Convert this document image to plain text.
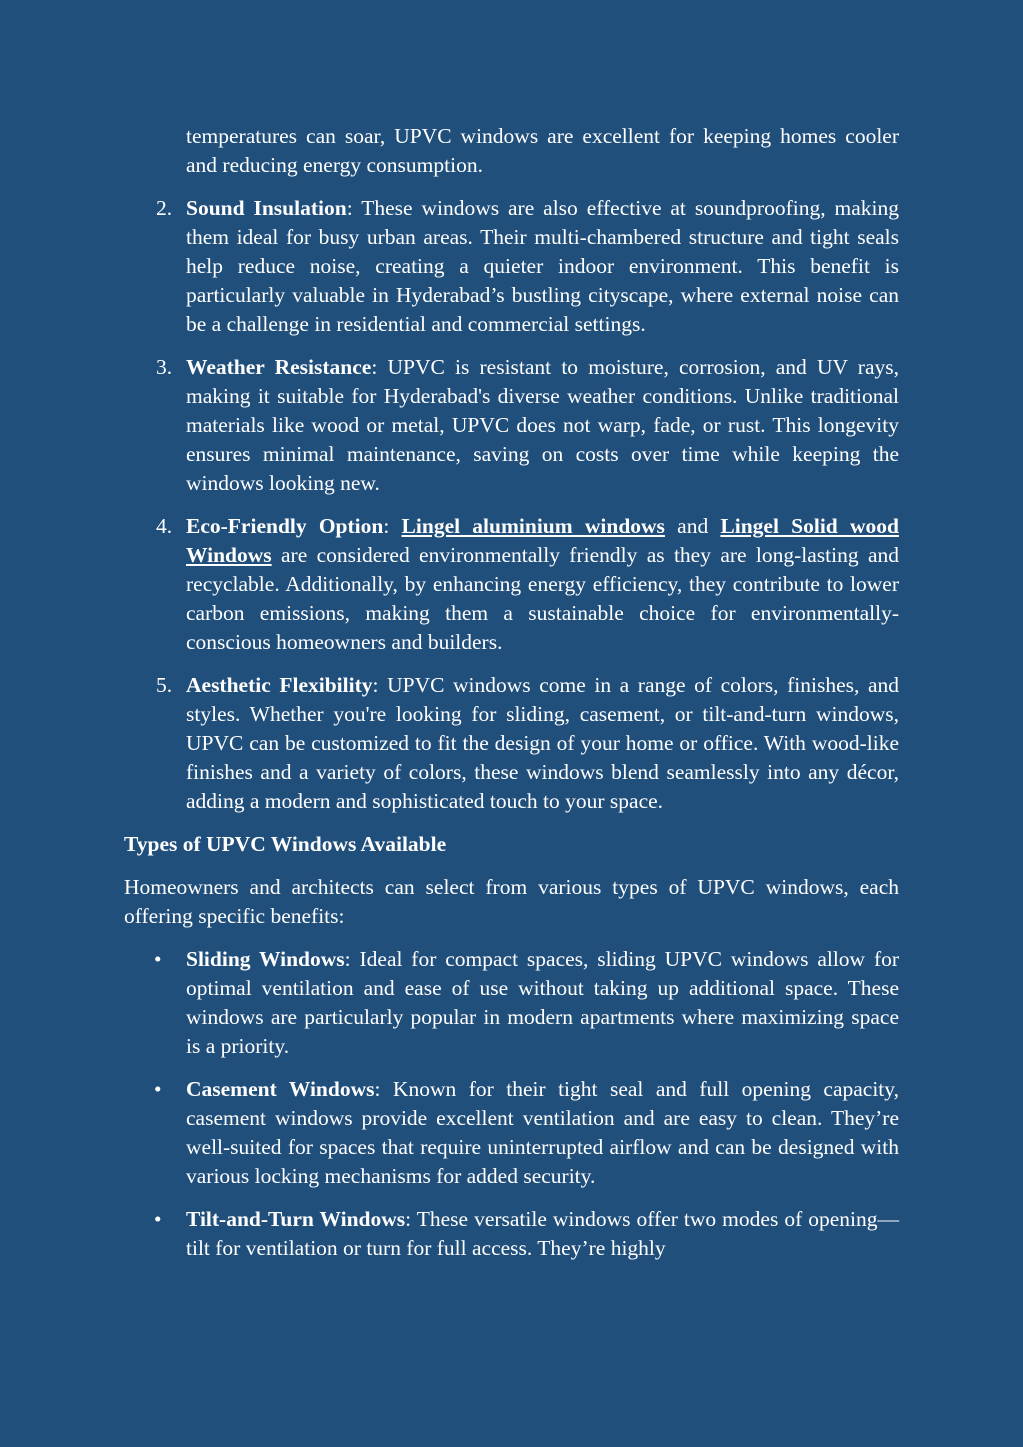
temperatures can soar, UPVC windows are excellent for keeping homes cooler and reducing energy consumption.

2. Sound Insulation: These windows are also effective at soundproofing, making them ideal for busy urban areas. Their multi-chambered structure and tight seals help reduce noise, creating a quieter indoor environment. This benefit is particularly valuable in Hyderabad’s bustling cityscape, where external noise can be a challenge in residential and commercial settings.
3. Weather Resistance: UPVC is resistant to moisture, corrosion, and UV rays, making it suitable for Hyderabad's diverse weather conditions. Unlike traditional materials like wood or metal, UPVC does not warp, fade, or rust. This longevity ensures minimal maintenance, saving on costs over time while keeping the windows looking new.
4. Eco-Friendly Option: Lingel aluminium windows and Lingel Solid wood Windows are considered environmentally friendly as they are long-lasting and recyclable. Additionally, by enhancing energy efficiency, they contribute to lower carbon emissions, making them a sustainable choice for environmentally-conscious homeowners and builders.
5. Aesthetic Flexibility: UPVC windows come in a range of colors, finishes, and styles. Whether you're looking for sliding, casement, or tilt-and-turn windows, UPVC can be customized to fit the design of your home or office. With wood-like finishes and a variety of colors, these windows blend seamlessly into any décor, adding a modern and sophisticated touch to your space.
Types of UPVC Windows Available

Homeowners and architects can select from various types of UPVC windows, each offering specific benefits:

• Sliding Windows: Ideal for compact spaces, sliding UPVC windows allow for optimal ventilation and ease of use without taking up additional space. These windows are particularly popular in modern apartments where maximizing space is a priority.
• Casement Windows: Known for their tight seal and full opening capacity, casement windows provide excellent ventilation and are easy to clean. They’re well-suited for spaces that require uninterrupted airflow and can be designed with various locking mechanisms for added security.
• Tilt-and-Turn Windows: These versatile windows offer two modes of opening—tilt for ventilation or turn for full access. They’re highly
